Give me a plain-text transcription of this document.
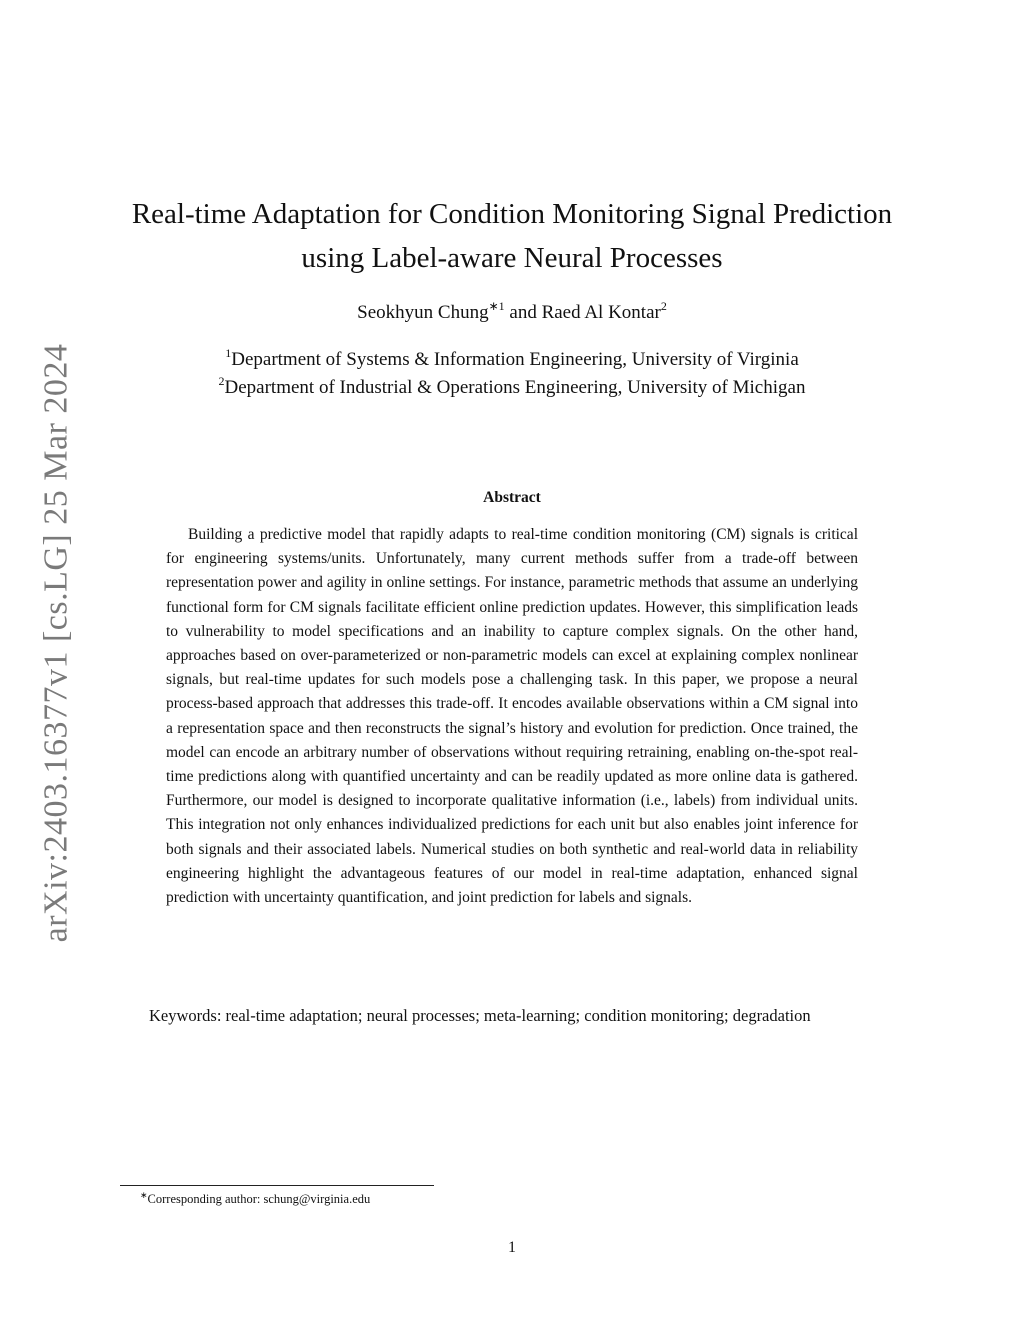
arXiv:2403.16377v1 [cs.LG] 25 Mar 2024
Real-time Adaptation for Condition Monitoring Signal Prediction
using Label-aware Neural Processes
Seokhyun Chung$^{∗1}$ and Raed Al Kontar$^2$
$^1$Department of Systems & Information Engineering, University of Virginia
$^2$Department of Industrial & Operations Engineering, University of Michigan
Abstract

Building a predictive model that rapidly adapts to real-time condition monitoring (CM) signals is critical for engineering systems/units. Unfortunately, many current methods suffer from a trade-off between representation power and agility in online settings. For instance, parametric methods that assume an underlying functional form for CM signals facilitate efficient online prediction updates. However, this simplification leads to vulnerability to model specifications and an inability to capture complex signals. On the other hand, approaches based on over-parameterized or non-parametric models can excel at explaining complex nonlinear signals, but real-time updates for such models pose a challenging task. In this paper, we propose a neural process-based approach that addresses this trade-off. It encodes available observations within a CM signal into a representation space and then reconstructs the signal’s history and evolution for prediction. Once trained, the model can encode an arbitrary number of observations without requiring retraining, enabling on-the-spot real-time predictions along with quantified uncertainty and can be readily updated as more online data is gathered. Furthermore, our model is designed to incorporate qualitative information (i.e., labels) from individual units. This integration not only enhances individualized predictions for each unit but also enables joint inference for both signals and their associated labels. Numerical studies on both synthetic and real-world data in reliability engineering highlight the advantageous features of our model in real-time adaptation, enhanced signal prediction with uncertainty quantification, and joint prediction for labels and signals.

Keywords: real-time adaptation; neural processes; meta-learning; condition monitoring; degradation

∗Corresponding author: schung@virginia.edu
1
